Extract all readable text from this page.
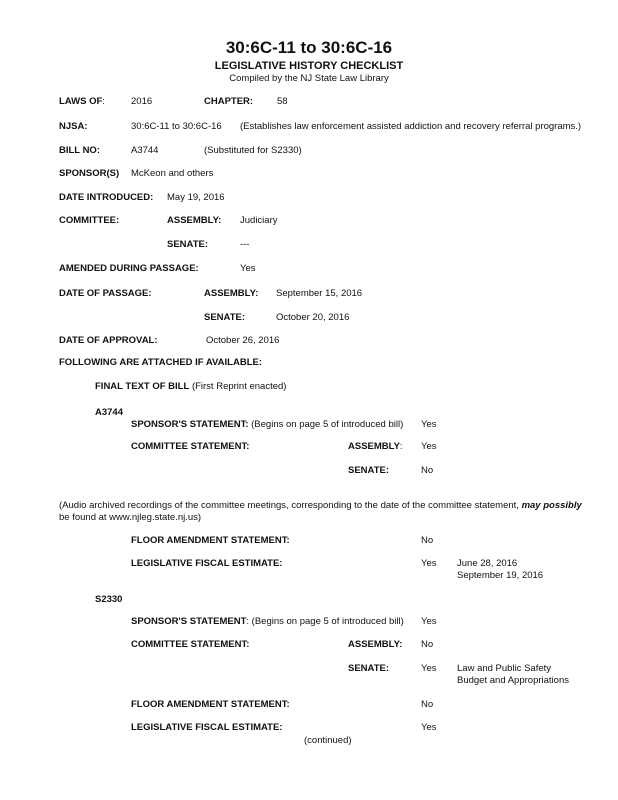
30:6C-11 to 30:6C-16
LEGISLATIVE HISTORY CHECKLIST
Compiled by the NJ State Law Library
LAWS OF:	2016	CHAPTER:	58
NJSA:	30:6C-11 to 30:6C-16 (Establishes law enforcement assisted addiction and recovery referral programs.)
BILL NO:	A3744	(Substituted for S2330)
SPONSOR(S) McKeon and others
DATE INTRODUCED: May 19, 2016
COMMITTEE:	ASSEMBLY: Judiciary
SENATE:	---
AMENDED DURING PASSAGE:	Yes
DATE OF PASSAGE:	ASSEMBLY: September 15, 2016
SENATE:	October 20, 2016
DATE OF APPROVAL:	October 26, 2016
FOLLOWING ARE ATTACHED IF AVAILABLE:
FINAL TEXT OF BILL (First Reprint enacted)
A3744
SPONSOR'S STATEMENT: (Begins on page 5 of introduced bill) Yes
COMMITTEE STATEMENT:	ASSEMBLY: Yes
SENATE:	No
(Audio archived recordings of the committee meetings, corresponding to the date of the committee statement, may possibly
be found at www.njleg.state.nj.us)
FLOOR AMENDMENT STATEMENT:	No
LEGISLATIVE FISCAL ESTIMATE:	Yes June 28, 2016
September 19, 2016
S2330
SPONSOR'S STATEMENT: (Begins on page 5 of introduced bill) Yes
COMMITTEE STATEMENT:	ASSEMBLY: No
SENATE:	Yes Law and Public Safety
Budget and Appropriations
FLOOR AMENDMENT STATEMENT:	No
LEGISLATIVE FISCAL ESTIMATE:	Yes
(continued)
